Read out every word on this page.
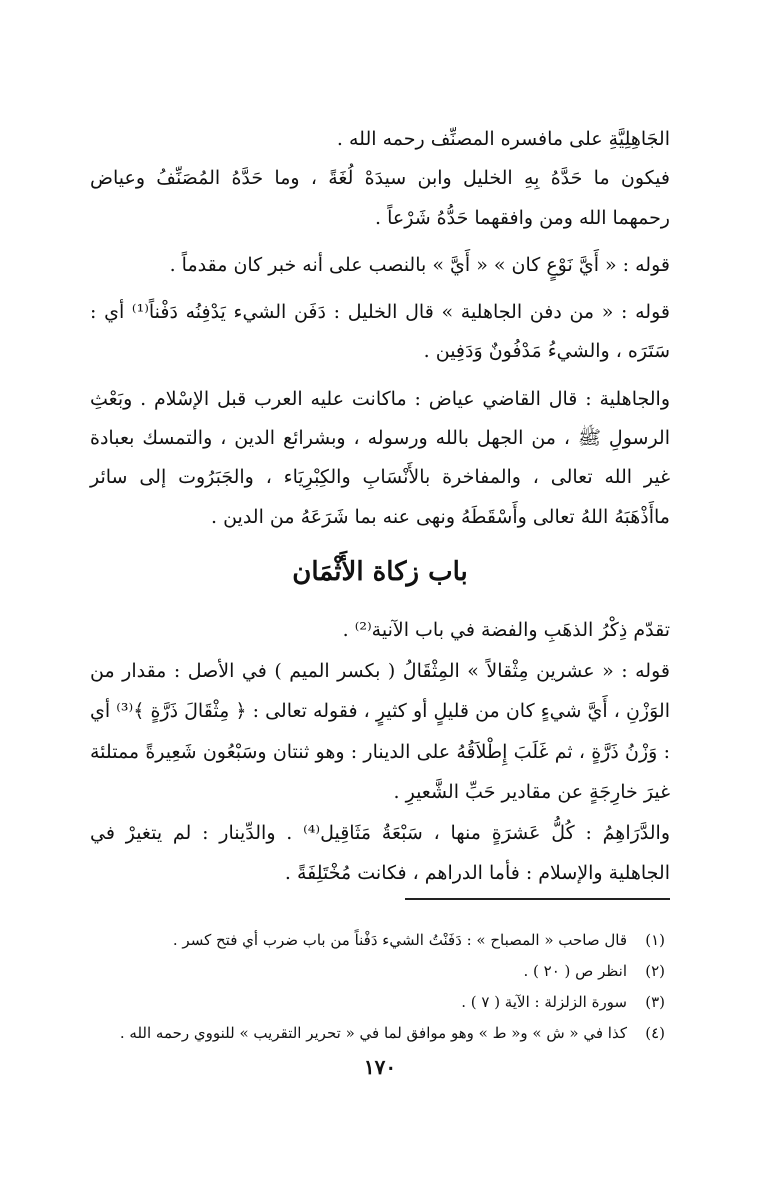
الجَاهِلِيَّةِ على مافسره المصنِّف رحمه الله .

فيكون ما حَدَّهُ بِهِ الخليل وابن سيدَهْ لُغَةً ، وما حَدَّهُ المُصَنِّفُ وعياض رحمهما الله ومن وافقهما حَدُّهُ شَرْعاً .

قوله : « أَيَّ نَوْعٍ كان » « أَيَّ » بالنصب على أنه خبر كان مقدماً .

قوله : « من دفن الجاهلية » قال الخليل : دَفَن الشيء يَدْفِنُه دَفْناً⁽¹⁾ أي : سَتَرَه ، والشيءُ مَدْفُونٌ وَدَفِين .

والجاهلية : قال القاضي عياض : ماكانت عليه العرب قبل الإسْلام . وبَعْثِ الرسولِ ﷺ ، من الجهل بالله ورسوله ، وبشرائع الدين ، والتمسك بعبادة غير الله تعالى ، والمفاخرة بالأَنْسَابِ والكِبْرِيَاء ، والجَبَرُوت إلى سائر ماأَذْهَبَهُ اللهُ تعالى وأَسْقَطَهُ ونهى عنه بما شَرَعَهُ من الدين .

باب زكاة الأَثْمَان

تقدّم ذِكْرُ الذهَبِ والفضة في باب الآنية⁽²⁾ .

قوله : « عشرين مِثْقالاً » المِثْقَالُ ( بكسر الميم ) في الأصل : مقدار من الوَزْنِ ، أَيَّ شيءٍ كان من قليلٍ أو كثيرٍ ، فقوله تعالى : ﴿ مِثْقَالَ ذَرَّةٍ ﴾⁽³⁾ أي : وَزْنُ ذَرَّةٍ ، ثم غَلَبَ إِطْلاَقُهُ على الدينار : وهو ثنتان وسَبْعُون شَعِيرةً ممتلئة غيرَ خارِجَةٍ عن مقادير حَبِّ الشَّعيرِ .

والدَّرَاهِمُ : كُلُّ عَشرَةٍ منها ، سَبْعَةُ مَثَاقِيل⁽⁴⁾ . والدِّينار : لم يتغيرْ في الجاهلية والإسلام : فأما الدراهم ، فكانت مُخْتَلِفَةً .

(١)
قال صاحب « المصباح » : دَفَنْتُ الشيء دَفْناً من باب ضرب أي فتح كسر .
(٢)
انظر ص ( ٢٠ ) .
(٣)
سورة الزلزلة : الآية ( ٧ ) .
(٤)
كذا في « ش » و« ط » وهو موافق لما في « تحرير التقريب » للنووي رحمه الله .
١٧٠
